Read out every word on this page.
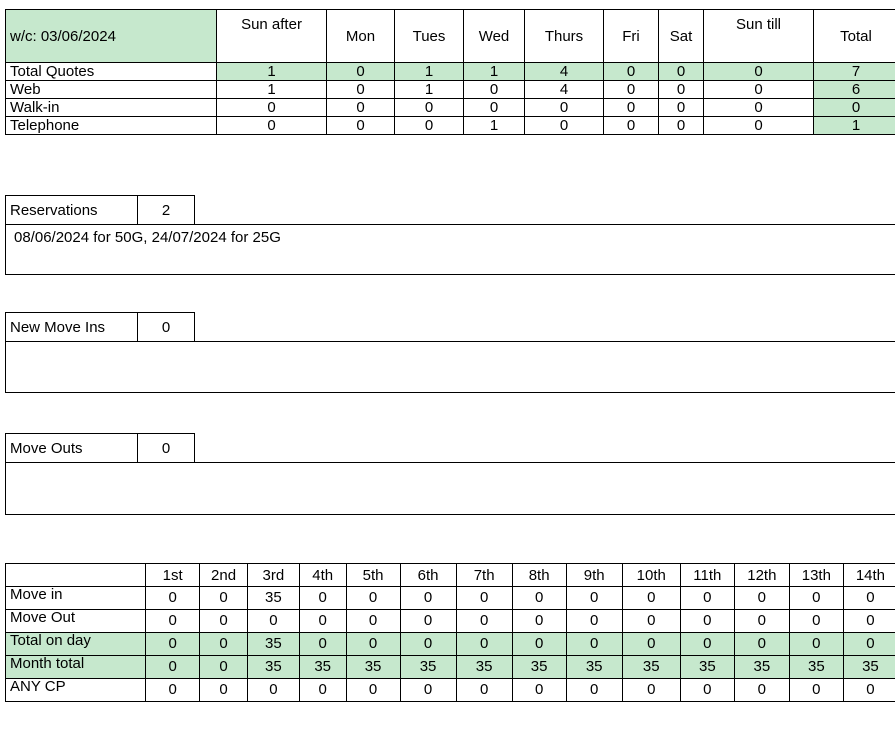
w/c: 03/06/2024	Sun after	Mon	Tues	Wed	Thurs	Fri	Sat	Sun till	Total
Total Quotes	1	0	1	1	4	0	0	0	7
Web	1	0	1	0	4	0	0	0	6
Walk-in	0	0	0	0	0	0	0	0	0
Telephone	0	0	0	1	0	0	0	0	1
Reservations	2
08/06/2024 for 50G, 24/07/2024 for 25G
New Move Ins	0
Move Outs	0
	1st	2nd	3rd	4th	5th	6th	7th	8th	9th	10th	11th	12th	13th	14th
Move in	0	0	35	0	0	0	0	0	0	0	0	0	0	0
Move Out	0	0	0	0	0	0	0	0	0	0	0	0	0	0
Total on day	0	0	35	0	0	0	0	0	0	0	0	0	0	0
Month total	0	0	35	35	35	35	35	35	35	35	35	35	35	35
ANY CP	0	0	0	0	0	0	0	0	0	0	0	0	0	0
